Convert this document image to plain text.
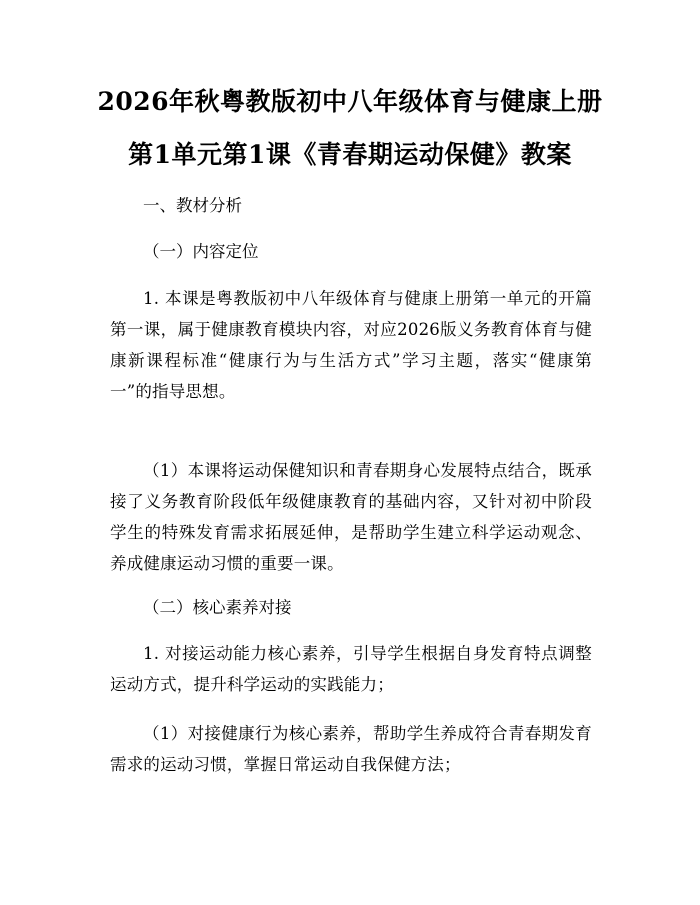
2026年秋粤教版初中八年级体育与健康上册
第1单元第1课《青春期运动保健》教案

一、教材分析

（一）内容定位

1. 本课是粤教版初中八年级体育与健康上册第一单元的开篇第一课，属于健康教育模块内容，对应2026版义务教育体育与健康新课程标准“健康行为与生活方式”学习主题，落实“健康第一”的指导思想。

（1）本课将运动保健知识和青春期身心发展特点结合，既承接了义务教育阶段低年级健康教育的基础内容，又针对初中阶段学生的特殊发育需求拓展延伸，是帮助学生建立科学运动观念、养成健康运动习惯的重要一课。

（二）核心素养对接

1. 对接运动能力核心素养，引导学生根据自身发育特点调整运动方式，提升科学运动的实践能力；

（1）对接健康行为核心素养，帮助学生养成符合青春期发育需求的运动习惯，掌握日常运动自我保健方法；
